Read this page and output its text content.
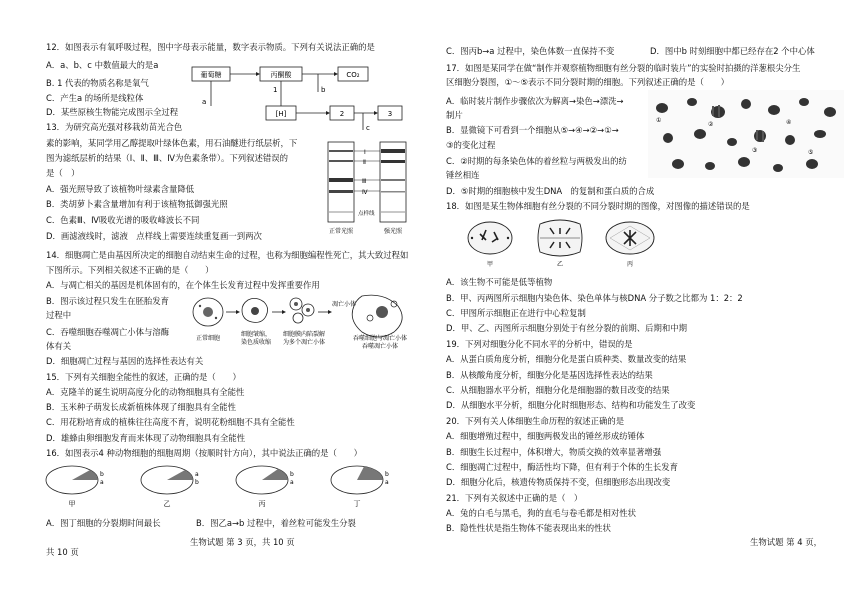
12．如图表示有氧呼吸过程，图中字母表示能量，数字表示物质。下列有关说法正确的是
A．a、b、c 中数值最大的是a
B. 1 代表的物质名称是氧气
C．产生a 的场所是线粒体
D．某些原核生物能完成图示全过程
葡萄糖	丙酮酸	CO₂
a
1	b
[H]	2	3
c
13．为研究高光强对移栽幼苗光合色
素的影响，某同学用乙醇提取叶绿体色素，用石油醚进行纸层析，下
图为滤纸层析的结果（Ⅰ、Ⅱ、Ⅲ、Ⅳ为色素条带）。下列叙述错误的
是（　）
A．强光照导致了该植物叶绿素含量降低
B．类胡萝卜素含量增加有利于该植物抵御强光照
C．色素Ⅲ、Ⅳ吸收光谱的吸收峰波长不同
D．画滤液线时，滤液　点样线上需要连续重复画一到两次
Ⅰ
Ⅱ
Ⅲ
Ⅳ
点样线
正常光照	强光照
14．细胞凋亡是由基因所决定的细胞自动结束生命的过程，也称为细胞编程性死亡，其大致过程如
下图所示。下列相关叙述不正确的是（　　）
A．与凋亡相关的基因是机体固有的，在个体生长发育过程中发挥重要作用
B．图示该过程只发生在胚胎发育
过程中
C．吞噬细胞吞噬凋亡小体与溶酶
体有关
D．细胞凋亡过程与基因的选择性表达有关
凋亡小体
正常细胞
细胞皱缩，
染色质收缩
细胞膜内陷裂解
为多个凋亡小体
吞噬细胞与凋亡小体
吞噬凋亡小体
15．下列有关细胞全能性的叙述，正确的是（　　）
A．克隆羊的诞生说明高度分化的动物细胞具有全能性
B．玉米种子萌发长成新植株体现了细胞具有全能性
C．用花粉培育成的植株往往高度不育，说明花粉细胞不具有全能性
D．雄蜂由卵细胞发育而来体现了动物细胞具有全能性
16．如图表示4 种动物细胞的细胞周期（按顺时针方向），其中说法正确的是（　　）
b
a
甲
a
b
乙
b
a
丙
b
a
丁
A．图丁细胞的分裂期时间最长	B．图乙a→b 过程中，着丝粒可能发生分裂
共 10 页
生物试题 第 3 页，共 10 页
C．图丙b→a 过程中，染色体数一直保持不变	D．图中b 时刻细胞中都已经存在2 个中心体
17．如图是某同学在做“制作并观察植物细胞有丝分裂的临时装片”的实验时拍摄的洋葱根尖分生
区细胞分裂图，①～⑤表示不同分裂时期的细胞。下列叙述正确的是（　　）
A．临时装片制作步骤依次为解离→染色→漂洗→
制片
B．显微镜下可看到一个细胞从⑤→④→②→①→
③的变化过程
C．②时期的每条染色体的着丝粒与两极发出的纺
锤丝相连
D．⑤时期的细胞核中发生DNA　的复制和蛋白质的合成
①
②
③
④
⑤
18．如图是某生物体细胞有丝分裂的不同分裂时期的图像，对图像的描述错误的是
甲	乙	丙
A．该生物不可能是低等植物
B．甲、丙两图所示细胞内染色体、染色单体与核DNA 分子数之比都为 1：2：2
C．甲图所示细胞正在进行中心粒复制
D．甲、乙、丙图所示细胞分别处于有丝分裂的前期、后期和中期
19．下列对细胞分化不同水平的分析中，错误的是
A．从蛋白质角度分析，细胞分化是蛋白质种类、数量改变的结果
B．从核酸角度分析，细胞分化是基因选择性表达的结果
C．从细胞器水平分析，细胞分化是细胞器的数目改变的结果
D．从细胞水平分析，细胞分化时细胞形态、结构和功能发生了改变
20．下列有关人体细胞生命历程的叙述正确的是
A．细胞增殖过程中，细胞两极发出的锤丝形成纺锤体
B．细胞生长过程中，体积增大，物质交换的效率显著增强
C．细胞凋亡过程中，酶活性均下降，但有利于个体的生长发育
D．细胞分化后，核遗传物质保持不变，但细胞形态出现改变
21．下列有关叙述中正确的是（　）
A．兔的白毛与黑毛，狗的直毛与卷毛都是相对性状
B．隐性性状是指生物体不能表现出来的性状
生物试题 第 4 页，
